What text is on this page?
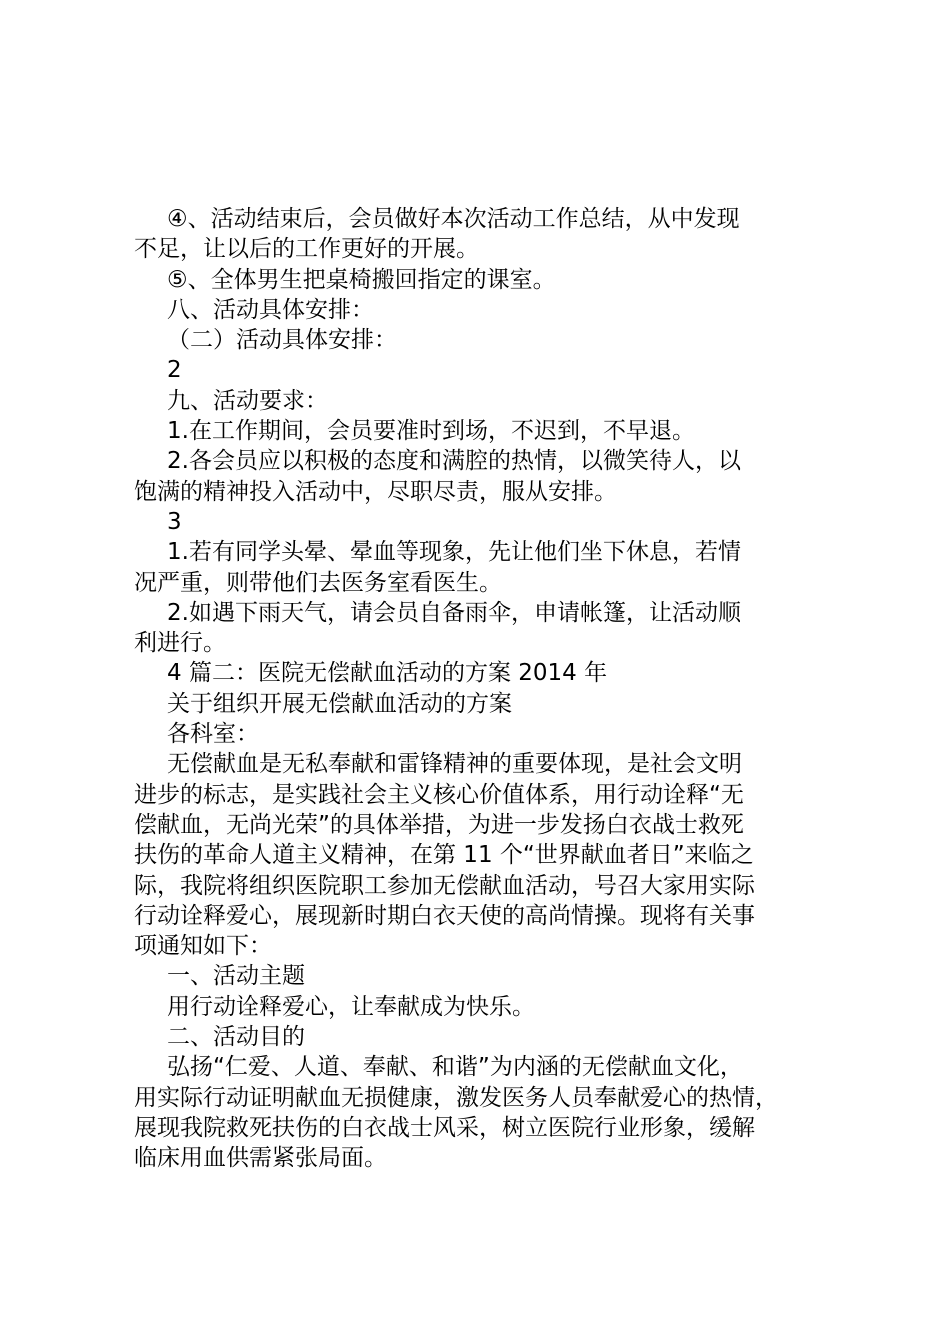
④、活动结束后，会员做好本次活动工作总结，从中发现
不足，让以后的工作更好的开展。
⑤、全体男生把桌椅搬回指定的课室。
八、活动具体安排：
（二）活动具体安排：
2
九、活动要求：
1.在工作期间，会员要准时到场，不迟到，不早退。
2.各会员应以积极的态度和满腔的热情，以微笑待人，以
饱满的精神投入活动中，尽职尽责，服从安排。
3
1.若有同学头晕、晕血等现象，先让他们坐下休息，若情
况严重，则带他们去医务室看医生。
2.如遇下雨天气，请会员自备雨伞，申请帐篷，让活动顺
利进行。
4 篇二：医院无偿献血活动的方案 2014 年
关于组织开展无偿献血活动的方案
各科室：
无偿献血是无私奉献和雷锋精神的重要体现，是社会文明
进步的标志，是实践社会主义核心价值体系，用行动诠释“无
偿献血，无尚光荣”的具体举措，为进一步发扬白衣战士救死
扶伤的革命人道主义精神，在第 11 个“世界献血者日”来临之
际，我院将组织医院职工参加无偿献血活动，号召大家用实际
行动诠释爱心，展现新时期白衣天使的高尚情操。现将有关事
项通知如下：
一、活动主题
用行动诠释爱心，让奉献成为快乐。
二、活动目的
弘扬“仁爱、人道、奉献、和谐”为内涵的无偿献血文化，
用实际行动证明献血无损健康，激发医务人员奉献爱心的热情，
展现我院救死扶伤的白衣战士风采，树立医院行业形象，缓解
临床用血供需紧张局面。
